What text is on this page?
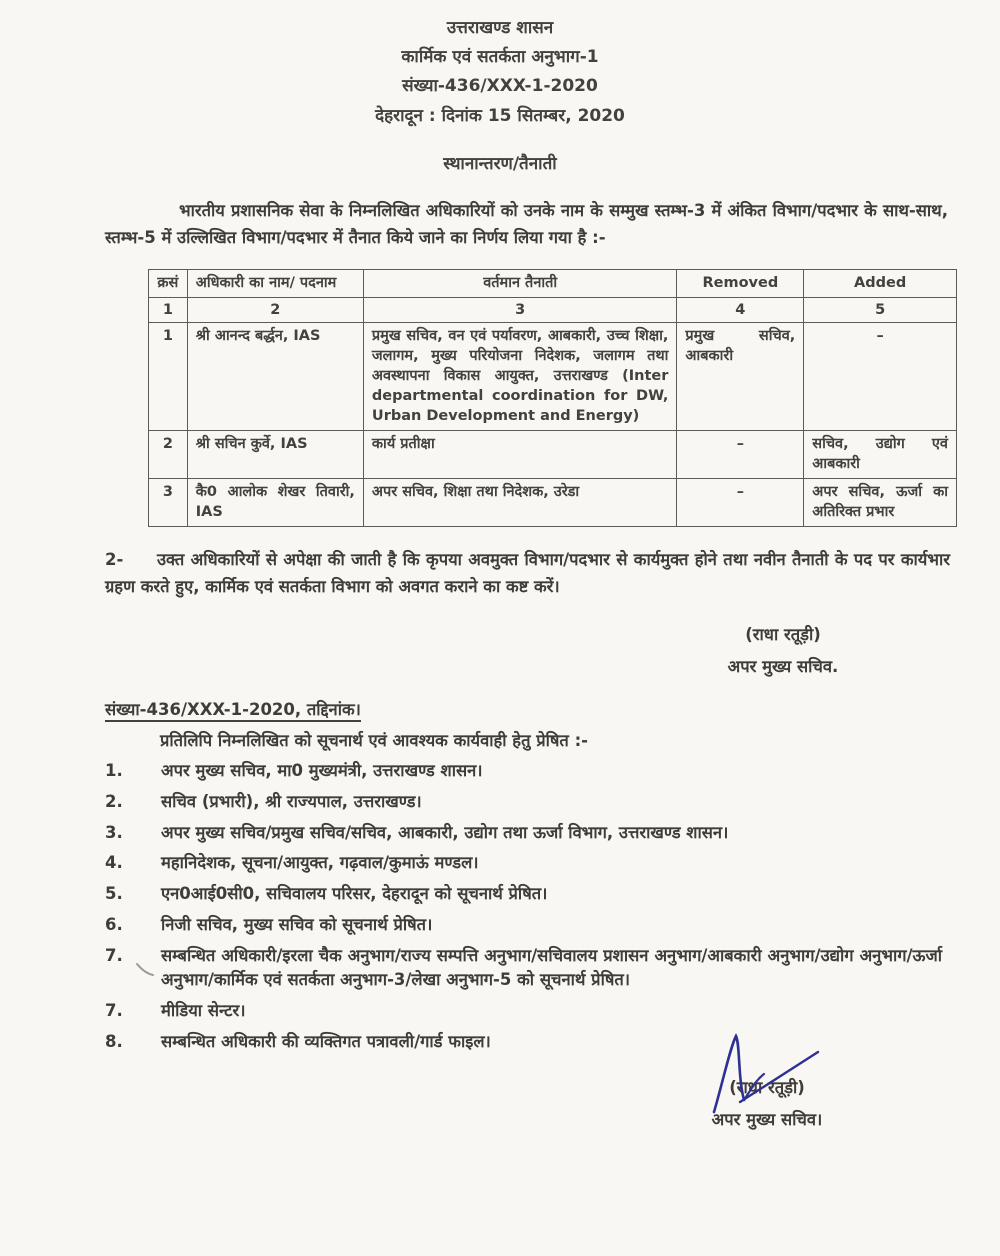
उत्तराखण्ड शासन
कार्मिक एवं सतर्कता अनुभाग-1
संख्या-436/XXX-1-2020
देहरादून : दिनांक 15 सितम्बर, 2020
स्थानान्तरण/तैनाती
भारतीय प्रशासनिक सेवा के निम्नलिखित अधिकारियों को उनके नाम के सम्मुख स्तम्भ-3 में अंकित विभाग/पदभार के साथ-साथ, स्तम्भ-5 में उल्लिखित विभाग/पदभार में तैनात किये जाने का निर्णय लिया गया है :-
क्रसं	अधिकारी का नाम/ पदनाम	वर्तमान तैनाती	Removed	Added
1	2	3	4	5
1	श्री आनन्द बर्द्धन, IAS	प्रमुख सचिव, वन एवं पर्यावरण, आबकारी, उच्च शिक्षा, जलागम, मुख्य परियोजना निदेशक, जलागम तथा अवस्थापना विकास आयुक्त, उत्तराखण्ड (Inter departmental coordination for DW, Urban Development and Energy)	प्रमुख सचिव, आबकारी	–
2	श्री सचिन कुर्वे, IAS	कार्य प्रतीक्षा	–	सचिव, उद्योग एवं आबकारी
3	कै0 आलोक शेखर तिवारी, IAS	अपर सचिव, शिक्षा तथा निदेशक, उरेडा	–	अपर सचिव, ऊर्जा का अतिरिक्त प्रभार
2- उक्त अधिकारियों से अपेक्षा की जाती है कि कृपया अवमुक्त विभाग/पदभार से कार्यमुक्त होने तथा नवीन तैनाती के पद पर कार्यभार ग्रहण करते हुए, कार्मिक एवं सतर्कता विभाग को अवगत कराने का कष्ट करें।
(राधा रतूड़ी)
अपर मुख्य सचिव.
संख्या-436/XXX-1-2020, तद्दिनांक।
प्रतिलिपि निम्नलिखित को सूचनार्थ एवं आवश्यक कार्यवाही हेतु प्रेषित :-
1.	अपर मुख्य सचिव, मा0 मुख्यमंत्री, उत्तराखण्ड शासन।
2.	सचिव (प्रभारी), श्री राज्यपाल, उत्तराखण्ड।
3.	अपर मुख्य सचिव/प्रमुख सचिव/सचिव, आबकारी, उद्योग तथा ऊर्जा विभाग, उत्तराखण्ड शासन।
4.	महानिदेशक, सूचना/आयुक्त, गढ़वाल/कुमाऊं मण्डल।
5.	एन0आई0सी0, सचिवालय परिसर, देहरादून को सूचनार्थ प्रेषित।
6.	निजी सचिव, मुख्य सचिव को सूचनार्थ प्रेषित।
7.	सम्बन्धित अधिकारी/इरला चैक अनुभाग/राज्य सम्पत्ति अनुभाग/सचिवालय प्रशासन अनुभाग/आबकारी अनुभाग/उद्योग अनुभाग/ऊर्जा अनुभाग/कार्मिक एवं सतर्कता अनुभाग-3/लेखा अनुभाग-5 को सूचनार्थ प्रेषित।
7.	मीडिया सेन्टर।
8.	सम्बन्धित अधिकारी की व्यक्तिगत पत्रावली/गार्ड फाइल।
(राधा रतूड़ी)
अपर मुख्य सचिव।
